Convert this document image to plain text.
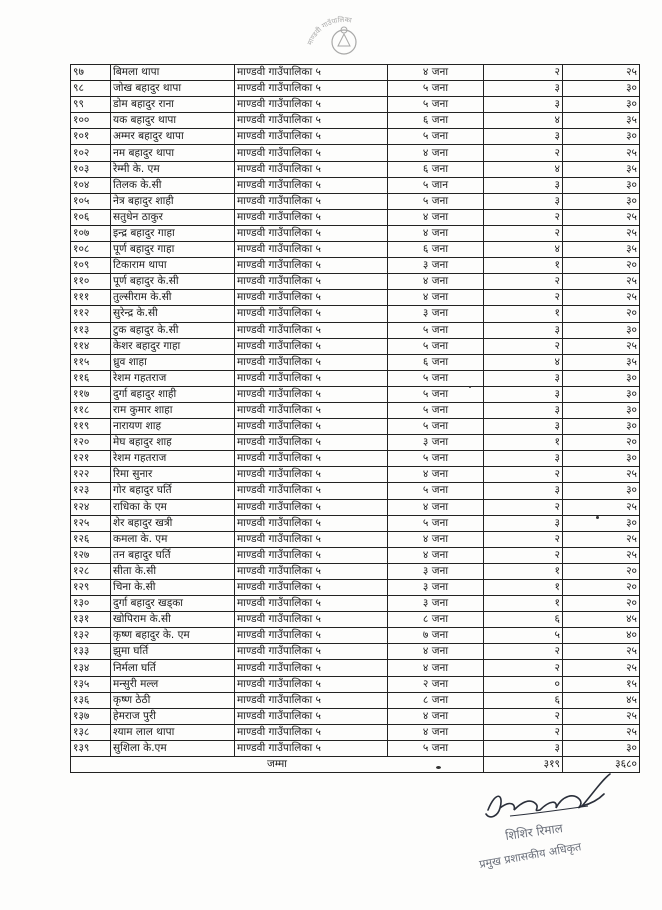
माण्डवी गाउँपालिका
९७	बिमला थापा	माण्डवी गाउँपालिका ५	४ जना	२	२५
९८	जोख बहादुर थापा	माण्डवी गाउँपालिका ५	५ जना	३	३०
९९	डोम बहादुर राना	माण्डवी गाउँपालिका ५	५ जना	३	३०
१००	यक बहादुर थापा	माण्डवी गाउँपालिका ५	६ जना	४	३५
१०१	अम्मर बहादुर थापा	माण्डवी गाउँपालिका ५	५ जना	३	३०
१०२	नम बहादुर थापा	माण्डवी गाउँपालिका ५	४ जना	२	२५
१०३	रेम्मी के. एम	माण्डवी गाउँपालिका ५	६ जना	४	३५
१०४	तिलक के.सी	माण्डवी गाउँपालिका ५	५ जान	३	३०
१०५	नेत्र बहादुर शाही	माण्डवी गाउँपालिका ५	५ जना	३	३०
१०६	सतुधेन ठाकुर	माण्डवी गाउँपालिका ५	४ जना	२	२५
१०७	इन्द्र बहादुर गाहा	माण्डवी गाउँपालिका ५	४ जना	२	२५
१०८	पूर्ण बहादुर गाहा	माण्डवी गाउँपालिका ५	६ जना	४	३५
१०९	टिकाराम थापा	माण्डवी गाउँपालिका ५	३ जना	१	२०
११०	पूर्ण बहादुर के.सी	माण्डवी गाउँपालिका ५	४ जना	२	२५
१११	तुल्सीराम के.सी	माण्डवी गाउँपालिका ५	४ जना	२	२५
११२	सुरेन्द्र के.सी	माण्डवी गाउँपालिका ५	३ जना	१	२०
११३	टुक बहादुर के.सी	माण्डवी गाउँपालिका ५	५ जना	३	३०
११४	केशर बहादुर गाहा	माण्डवी गाउँपालिका ५	५ जना	२	२५
११५	ध्रुव शाहा	माण्डवी गाउँपालिका ५	६ जना	४	३५
११६	रेशम गहतराज	माण्डवी गाउँपालिका ५	५ जना	३	३०
११७	दुर्गा बहादुर शाही	माण्डवी गाउँपालिका ५	५ जना	३	३०
११८	राम कुमार शाहा	माण्डवी गाउँपालिका ५	५ जना	३	३०
११९	नारायण शाह	माण्डवी गाउँपालिका ५	५ जना	३	३०
१२०	मेघ बहादुर शाह	माण्डवी गाउँपालिका ५	३ जना	१	२०
१२१	रेशम गहतराज	माण्डवी गाउँपालिका ५	५ जना	३	३०
१२२	रिमा सुनार	माण्डवी गाउँपालिका ५	४ जना	२	२५
१२३	गोर बहादुर घर्ति	माण्डवी गाउँपालिका ५	५ जना	३	३०
१२४	राधिका के एम	माण्डवी गाउँपालिका ५	४ जना	२	२५
१२५	शेर बहादुर खत्री	माण्डवी गाउँपालिका ५	५ जना	३	३०
१२६	कमला के. एम	माण्डवी गाउँपालिका ५	४ जना	२	२५
१२७	तन बहादुर घर्ति	माण्डवी गाउँपालिका ५	४ जना	२	२५
१२८	सीता के.सी	माण्डवी गाउँपालिका ५	३ जना	१	२०
१२९	चिना के.सी	माण्डवी गाउँपालिका ५	३ जना	१	२०
१३०	दुर्गा बहादुर खड्का	माण्डवी गाउँपालिका ५	३ जना	१	२०
१३१	खोपिराम के.सी	माण्डवी गाउँपालिका ५	८ जना	६	४५
१३२	कृष्ण बहादुर के. एम	माण्डवी गाउँपालिका ५	७ जना	५	४०
१३३	झुमा घर्ति	माण्डवी गाउँपालिका ५	४ जना	२	२५
१३४	निर्मला घर्ति	माण्डवी गाउँपालिका ५	४ जना	२	२५
१३५	मन्सुरी मल्ल	माण्डवी गाउँपालिका ५	२ जना	०	१५
१३६	कृष्ण ठेठी	माण्डवी गाउँपालिका ५	८ जना	६	४५
१३७	हेमराज पुरी	माण्डवी गाउँपालिका ५	४ जना	२	२५
१३८	श्याम लाल थापा	माण्डवी गाउँपालिका ५	४ जना	२	२५
१३९	सुशिला के.एम	माण्डवी गाउँपालिका ५	५ जना	३	३०
जम्मा				३१९	३६८०
शिशिर रिमाल
प्रमुख प्रशासकीय अधिकृत
